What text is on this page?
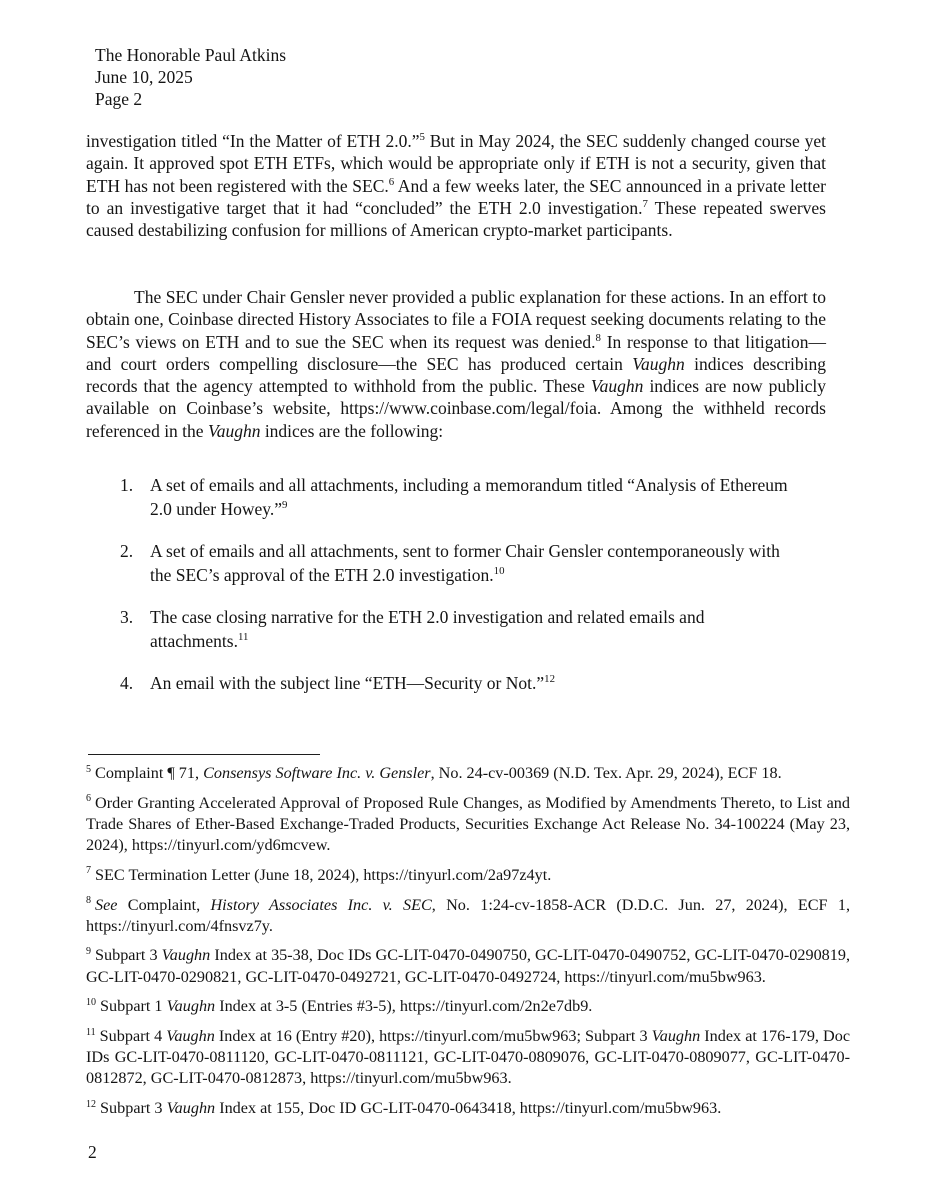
The Honorable Paul Atkins
June 10, 2025
Page 2

investigation titled “In the Matter of ETH 2.0.”$^5$ But in May 2024, the SEC suddenly changed course yet again. It approved spot ETH ETFs, which would be appropriate only if ETH is not a security, given that ETH has not been registered with the SEC.$^6$ And a few weeks later, the SEC announced in a private letter to an investigative target that it had “concluded” the ETH 2.0 investigation.$^7$ These repeated swerves caused destabilizing confusion for millions of American crypto-market participants.

The SEC under Chair Gensler never provided a public explanation for these actions. In an effort to obtain one, Coinbase directed History Associates to file a FOIA request seeking documents relating to the SEC’s views on ETH and to sue the SEC when its request was denied.$^8$ In response to that litigation—and court orders compelling disclosure—the SEC has produced certain Vaughn indices describing records that the agency attempted to withhold from the public. These Vaughn indices are now publicly available on Coinbase’s website, https://www.coinbase.com/legal/foia. Among the withheld records referenced in the Vaughn indices are the following:

1. A set of emails and all attachments, including a memorandum titled “Analysis of Ethereum 2.0 under Howey.”$^9$
2. A set of emails and all attachments, sent to former Chair Gensler contemporaneously with the SEC’s approval of the ETH 2.0 investigation.$^{10}$
3. The case closing narrative for the ETH 2.0 investigation and related emails and attachments.$^{11}$
4. An email with the subject line “ETH—Security or Not.”$^{12}$

$^5$ Complaint ¶ 71, Consensys Software Inc. v. Gensler, No. 24-cv-00369 (N.D. Tex. Apr. 29, 2024), ECF 18.

$^6$ Order Granting Accelerated Approval of Proposed Rule Changes, as Modified by Amendments Thereto, to List and Trade Shares of Ether-Based Exchange-Traded Products, Securities Exchange Act Release No. 34-100224 (May 23, 2024), https://tinyurl.com/yd6mcvew.

$^7$ SEC Termination Letter (June 18, 2024), https://tinyurl.com/2a97z4yt.

$^8$ See Complaint, History Associates Inc. v. SEC, No. 1:24-cv-1858-ACR (D.D.C. Jun. 27, 2024), ECF 1, https://tinyurl.com/4fnsvz7y.

$^9$ Subpart 3 Vaughn Index at 35-38, Doc IDs GC-LIT-0470-0490750, GC-LIT-0470-0490752, GC-LIT-0470-0290819, GC-LIT-0470-0290821, GC-LIT-0470-0492721, GC-LIT-0470-0492724, https://tinyurl.com/mu5bw963.

$^{10}$ Subpart 1 Vaughn Index at 3-5 (Entries #3-5), https://tinyurl.com/2n2e7db9.

$^{11}$ Subpart 4 Vaughn Index at 16 (Entry #20), https://tinyurl.com/mu5bw963; Subpart 3 Vaughn Index at 176-179, Doc IDs GC-LIT-0470-0811120, GC-LIT-0470-0811121, GC-LIT-0470-0809076, GC-LIT-0470-0809077, GC-LIT-0470-0812872, GC-LIT-0470-0812873, https://tinyurl.com/mu5bw963.

$^{12}$ Subpart 3 Vaughn Index at 155, Doc ID GC-LIT-0470-0643418, https://tinyurl.com/mu5bw963.

2
